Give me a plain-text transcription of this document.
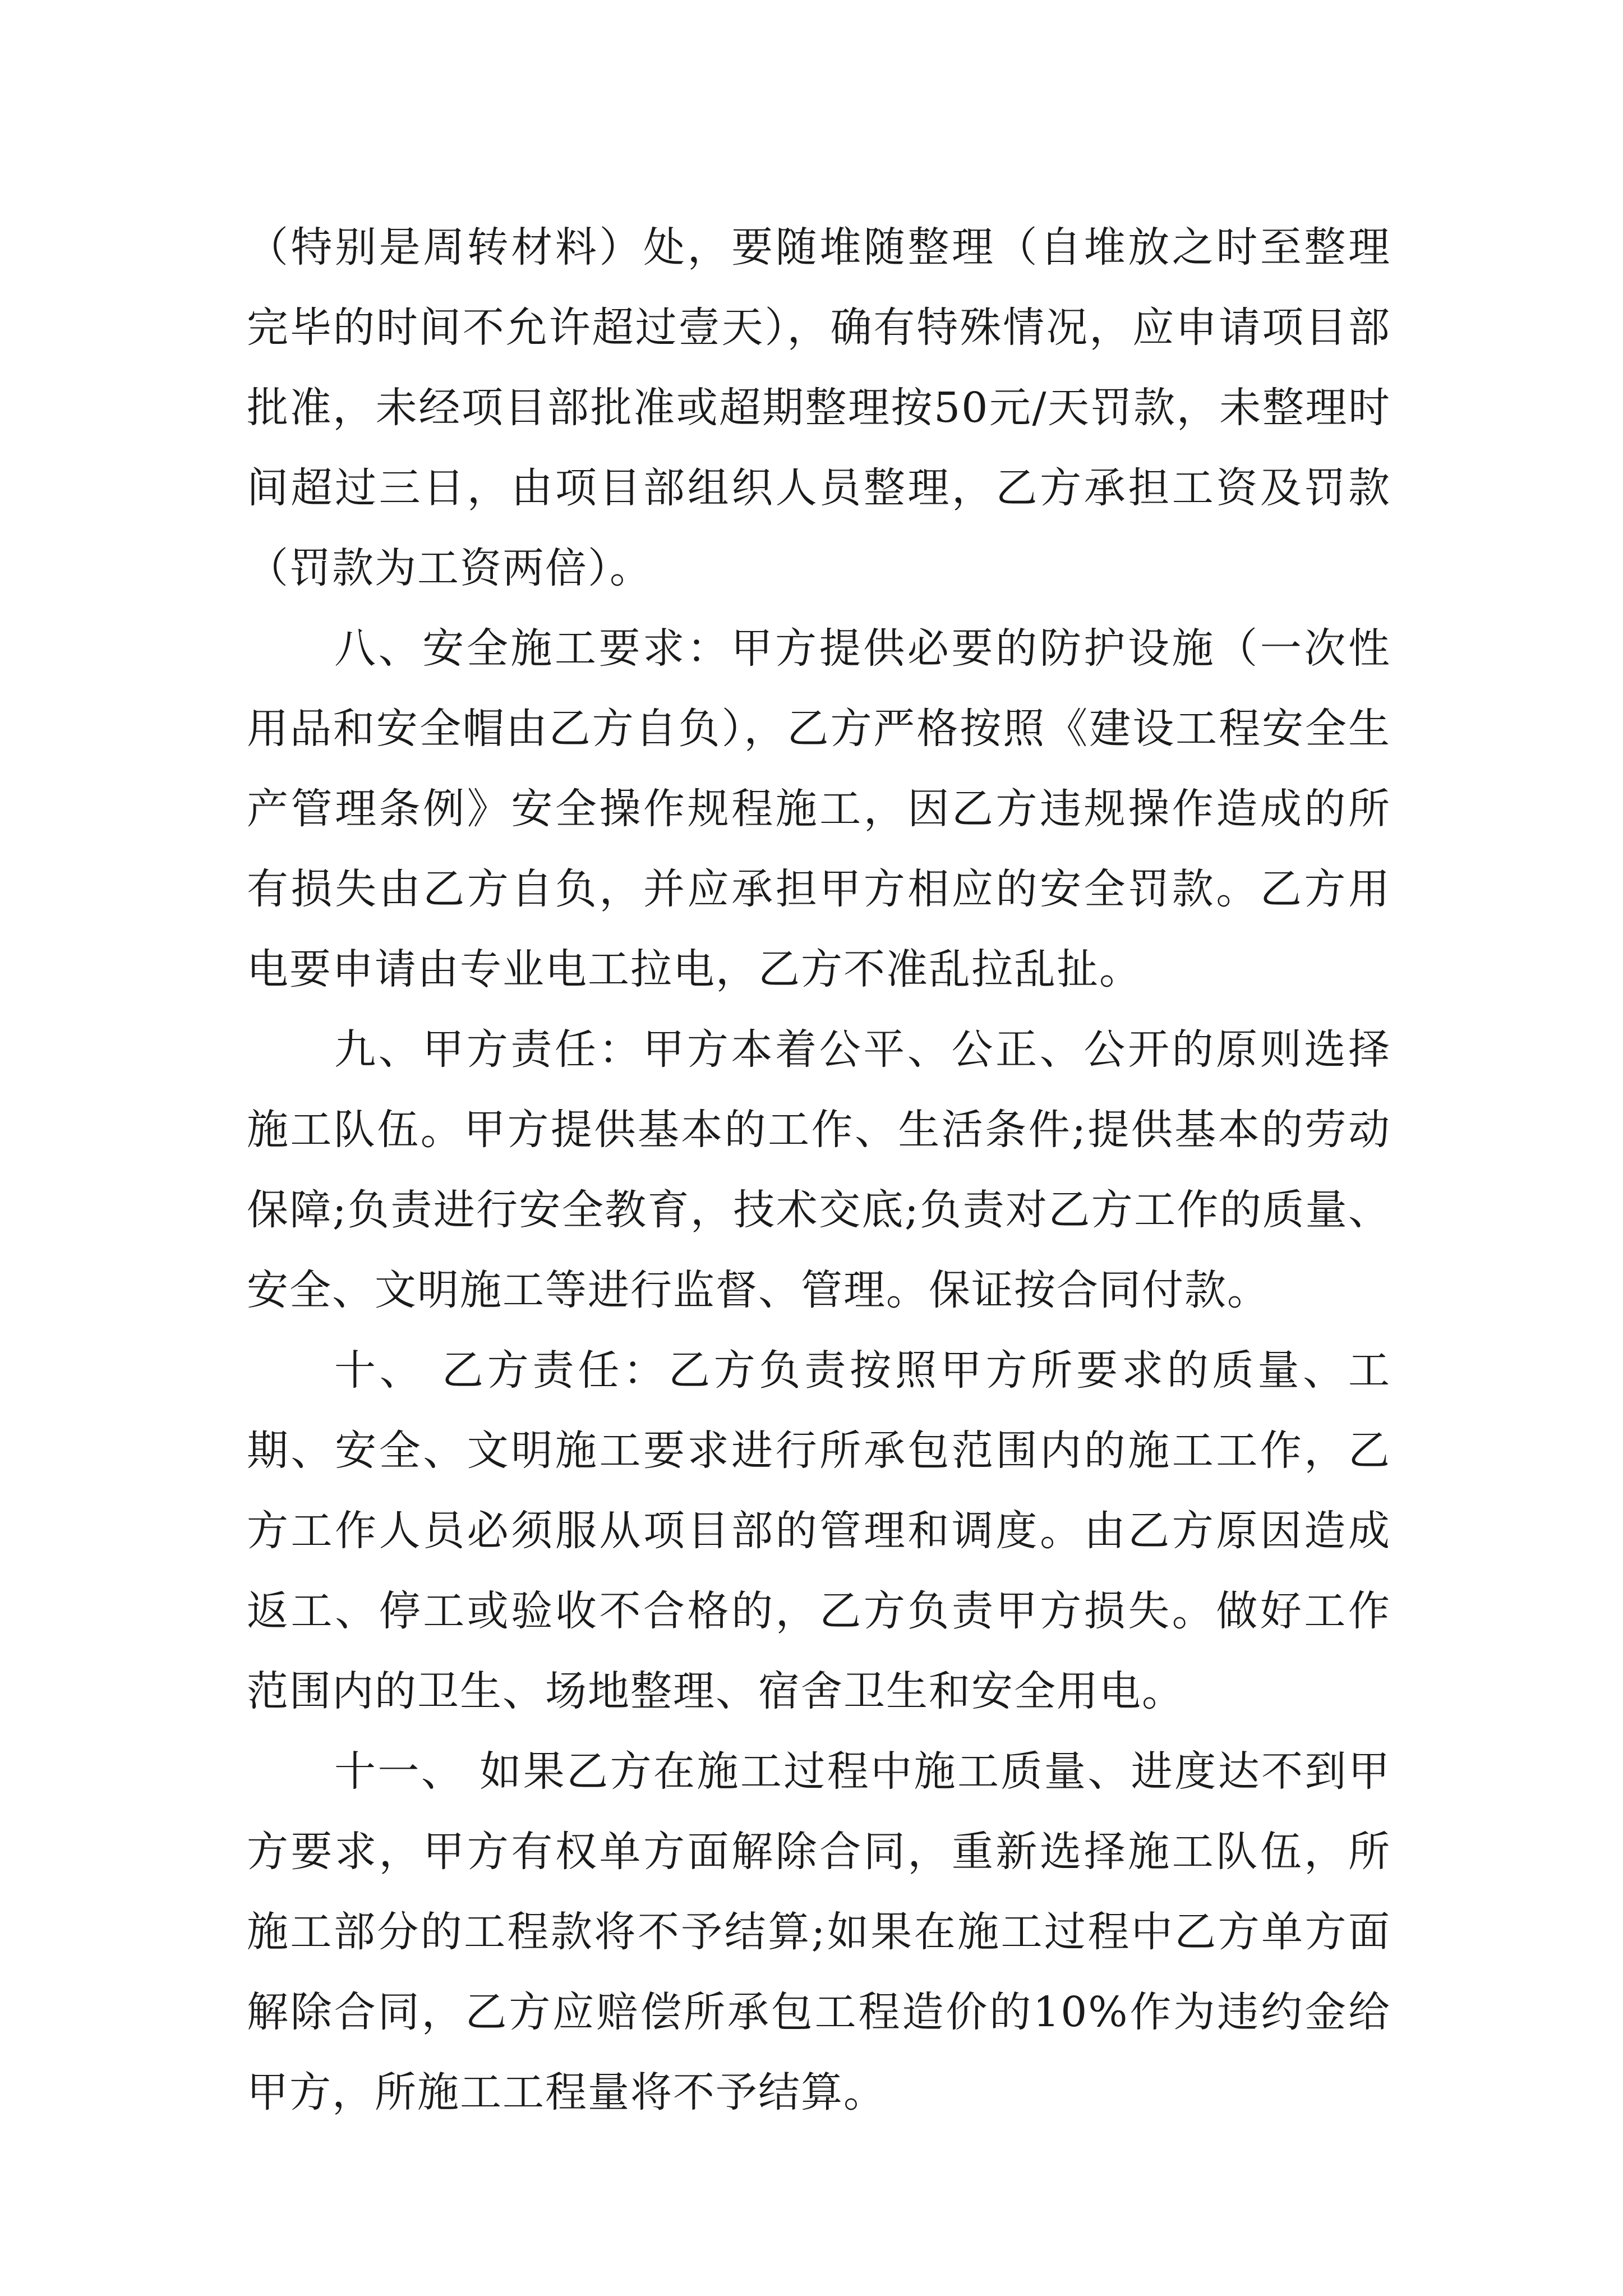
（特别是周转材料）处，要随堆随整理（自堆放之时至整理完毕的时间不允许超过壹天），确有特殊情况，应申请项目部批准，未经项目部批准或超期整理按50元/天罚款，未整理时间超过三日，由项目部组织人员整理，乙方承担工资及罚款 （罚款为工资两倍）。

八、安全施工要求：甲方提供必要的防护设施（一次性用品和安全帽由乙方自负），乙方严格按照《建设工程安全生产管理条例》安全操作规程施工，因乙方违规操作造成的所有损失由乙方自负，并应承担甲方相应的安全罚款。乙方用电要申请由专业电工拉电，乙方不准乱拉乱扯。

九、甲方责任：甲方本着公平、公正、公开的原则选择施工队伍。甲方提供基本的工作、生活条件;提供基本的劳动保障;负责进行安全教育，技术交底;负责对乙方工作的质量、安全、文明施工等进行监督、管理。保证按合同付款。

十、 乙方责任：乙方负责按照甲方所要求的质量、工期、安全、文明施工要求进行所承包范围内的施工工作，乙方工作人员必须服从项目部的管理和调度。由乙方原因造成返工、停工或验收不合格的，乙方负责甲方损失。做好工作范围内的卫生、场地整理、宿舍卫生和安全用电。

十一、 如果乙方在施工过程中施工质量、进度达不到甲方要求，甲方有权单方面解除合同，重新选择施工队伍，所施工部分的工程款将不予结算;如果在施工过程中乙方单方面解除合同，乙方应赔偿所承包工程造价的10%作为违约金给甲方，所施工工程量将不予结算。
